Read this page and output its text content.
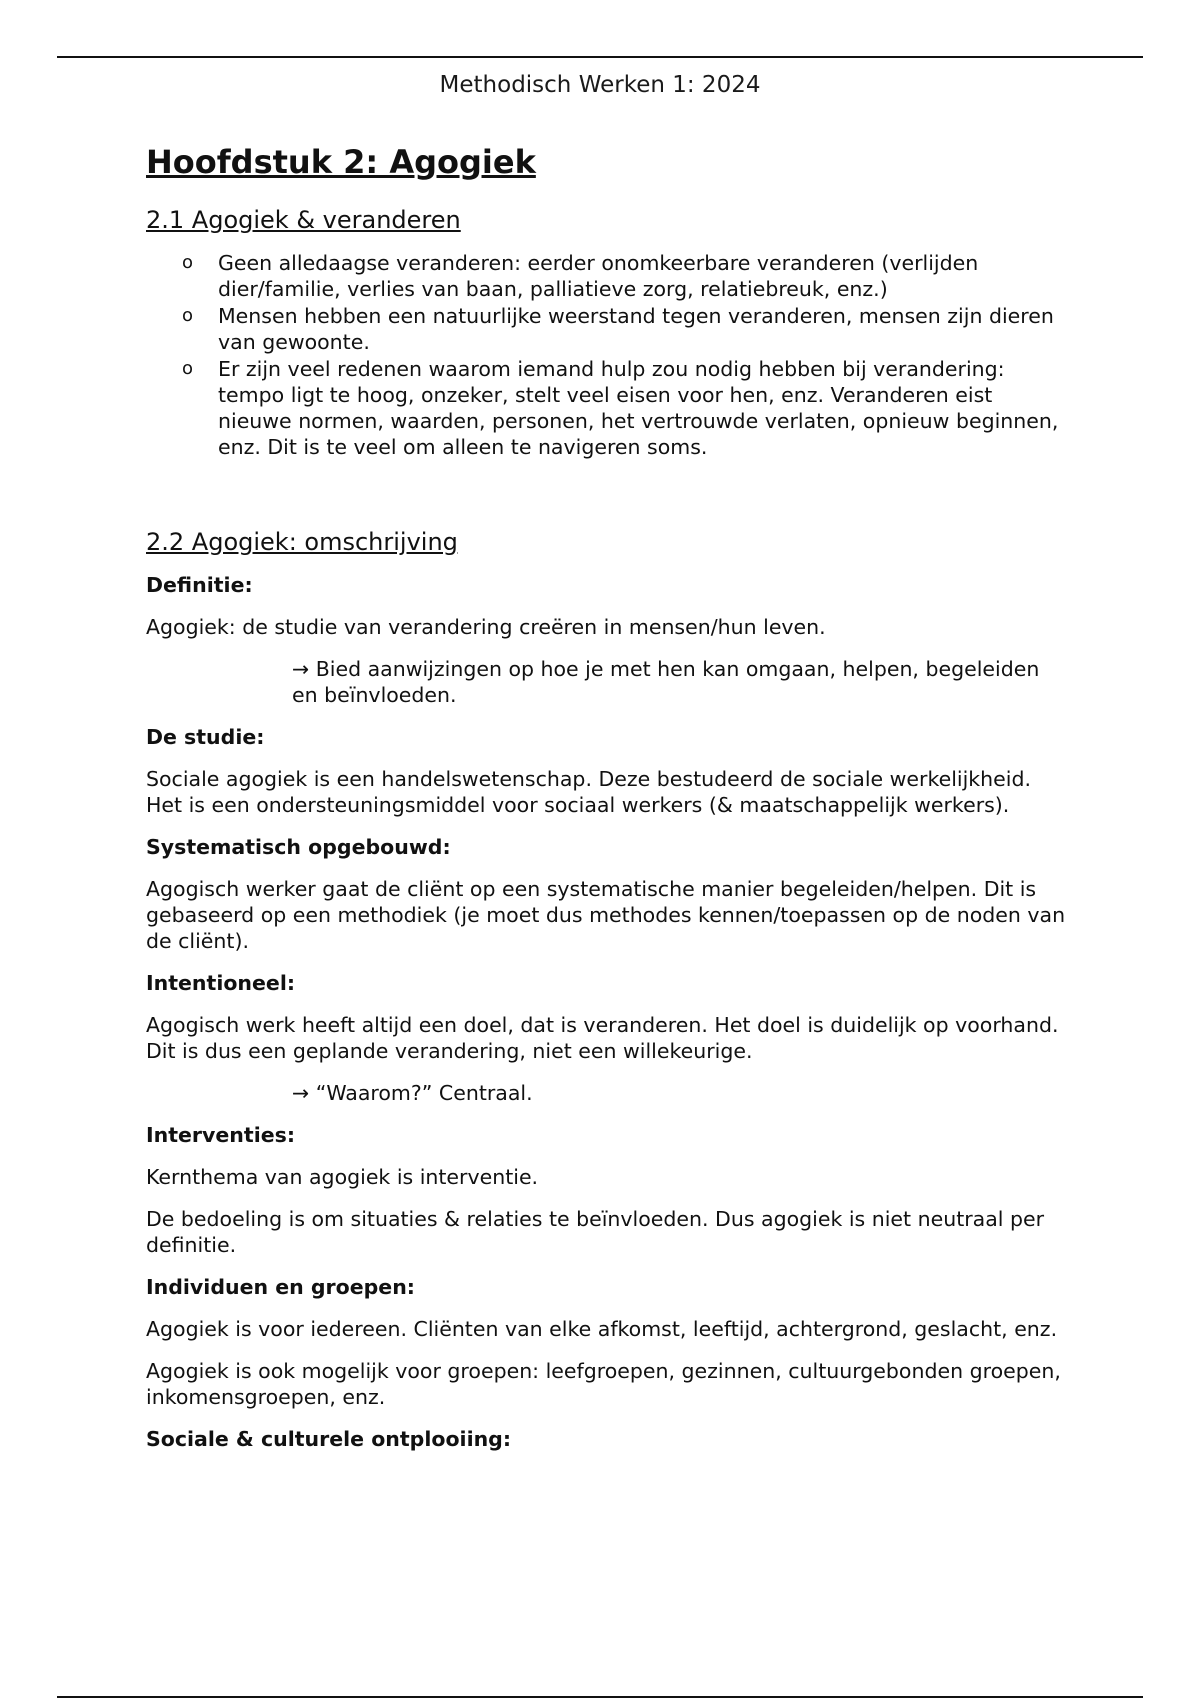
Methodisch Werken 1: 2024
Hoofdstuk 2: Agogiek
2.1 Agogiek & veranderen
o Geen alledaagse veranderen: eerder onomkeerbare veranderen (verlijden dier/familie, verlies van baan, palliatieve zorg, relatiebreuk, enz.)
o Mensen hebben een natuurlijke weerstand tegen veranderen, mensen zijn dieren van gewoonte.
o Er zijn veel redenen waarom iemand hulp zou nodig hebben bij verandering: tempo ligt te hoog, onzeker, stelt veel eisen voor hen, enz. Veranderen eist nieuwe normen, waarden, personen, het vertrouwde verlaten, opnieuw beginnen, enz. Dit is te veel om alleen te navigeren soms.
2.2 Agogiek: omschrijving
Definitie:

Agogiek: de studie van verandering creëren in mensen/hun leven.

→ Bied aanwijzingen op hoe je met hen kan omgaan, helpen, begeleiden en beïnvloeden.

De studie:

Sociale agogiek is een handelswetenschap. Deze bestudeerd de sociale werkelijkheid. Het is een ondersteuningsmiddel voor sociaal werkers (& maatschappelijk werkers).

Systematisch opgebouwd:

Agogisch werker gaat de cliënt op een systematische manier begeleiden/helpen. Dit is gebaseerd op een methodiek (je moet dus methodes kennen/toepassen op de noden van de cliënt).

Intentioneel:

Agogisch werk heeft altijd een doel, dat is veranderen. Het doel is duidelijk op voorhand. Dit is dus een geplande verandering, niet een willekeurige.

→ “Waarom?” Centraal.

Interventies:

Kernthema van agogiek is interventie.

De bedoeling is om situaties & relaties te beïnvloeden. Dus agogiek is niet neutraal per definitie.

Individuen en groepen:

Agogiek is voor iedereen. Cliënten van elke afkomst, leeftijd, achtergrond, geslacht, enz.

Agogiek is ook mogelijk voor groepen: leefgroepen, gezinnen, cultuurgebonden groepen, inkomensgroepen, enz.

Sociale & culturele ontplooiing:
